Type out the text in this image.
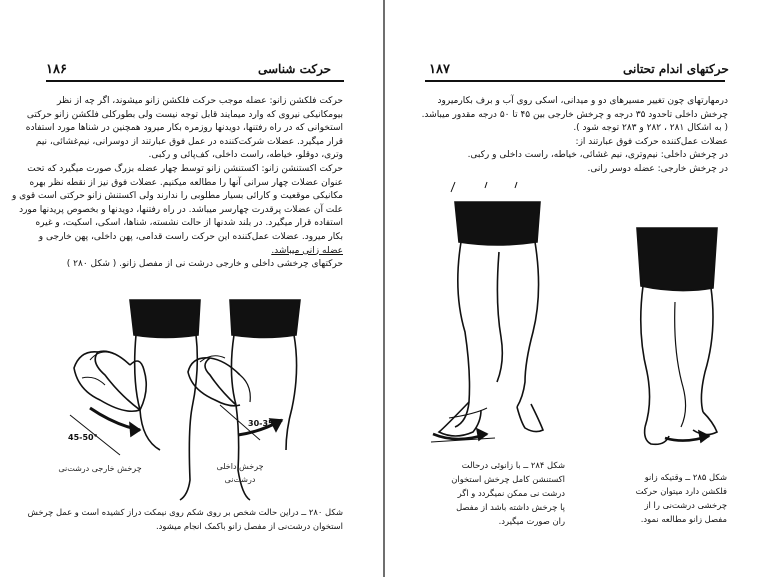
۱۸۶	حرکت شناسی
حرکت فلکشن زانو: عضله موجب حرکت فلکشن زانو میشوند، اگر چه از نظر
بیومکانیکی نیروی که وارد میمایند قابل توجه نیست ولی بطورکلی فلکشن زانو حرکتی
استخوانی که در راه رفتنها، دویدنها روزمره بکار میرود همچنین در شناها مورد استفاده
قرار میگیرد. عضلات شرکت‌کننده در عمل فوق عبارتند از دوسرانی، نیم‌غشائی، نیم
وتری، دوقلو، خیاطه، راست داخلی، کف‌پائی و رکبی.
حرکت اکستنشن زانو: اکستنشن زانو توسط چهار عضله بزرگ صورت میگیرد که تحت
عنوان عضلات چهار سرانی آنها را مطالعه میکنیم. عضلات فوق نیز از نقطه نظر بهره
مکانیکی موقعیت و کارائی بسیار مطلوبی را ندارند ولی اکستنش زانو حرکتی است قوی و
علت آن عضلات پرقدرت چهارسر میباشد. در راه رفتنها، دویدنها و بخصوص پریدنها مورد
استفاده قرار میگیرد. در بلند شدنها از حالت نشسته، شناها، اسکی، اسکیت، و غیره
بکار میرود. عضلات عمل‌کننده این حرکت راست قدامی، پهن داخلی، پهن خارجی و
عضله زانی میباشد.
حرکتهای چرخشی داخلی و خارجی درشت نی از مفصل زانو. ( شکل ۲۸۰ )
45-50°
30-35°
چرخش خارجی درشت‌نی	چرخش داخلی
درشت‌نی
شکل ۲۸۰ ــ دراین حالت شخص بر روی شکم روی نیمکت دراز کشیده است و عمل چرخش
استخوان درشت‌نی از مفصل زانو باکمک انجام میشود.
۱۸۷	حرکتهای اندام تحتانی
درمهارتهای چون تغییر مسیرهای دو و میدانی، اسکی روی آب و برف بکارمیرود
چرخش داخلی تاحدود ۳۵ درجه و چرخش خارجی بین ۴۵ تا ۵۰ درجه مقدور میباشد.
( به اشکال ۲۸۱ ، ۲۸۲ و ۲۸۳ توجه شود ).
عضلات عمل‌کننده حرکت فوق عبارتند از:
در چرخش داخلی: نیم‌وتری، نیم غشائی، خیاطه، راست داخلی و رکبی.
در چرخش خارجی: عضله دوسر رانی.
شکل ۲۸۴ ــ با زانوئی درحالت
اکستنشن کامل چرخش استخوان
درشت نی ممکن نمیگردد و اگر
پا چرخش داشته باشد از مفصل
ران صورت میگیرد.
شکل ۲۸۵ ــ وقتیکه زانو
فلکشن دارد میتوان حرکت
چرخشی درشت‌نی را از
مفصل زانو مطالعه نمود.
